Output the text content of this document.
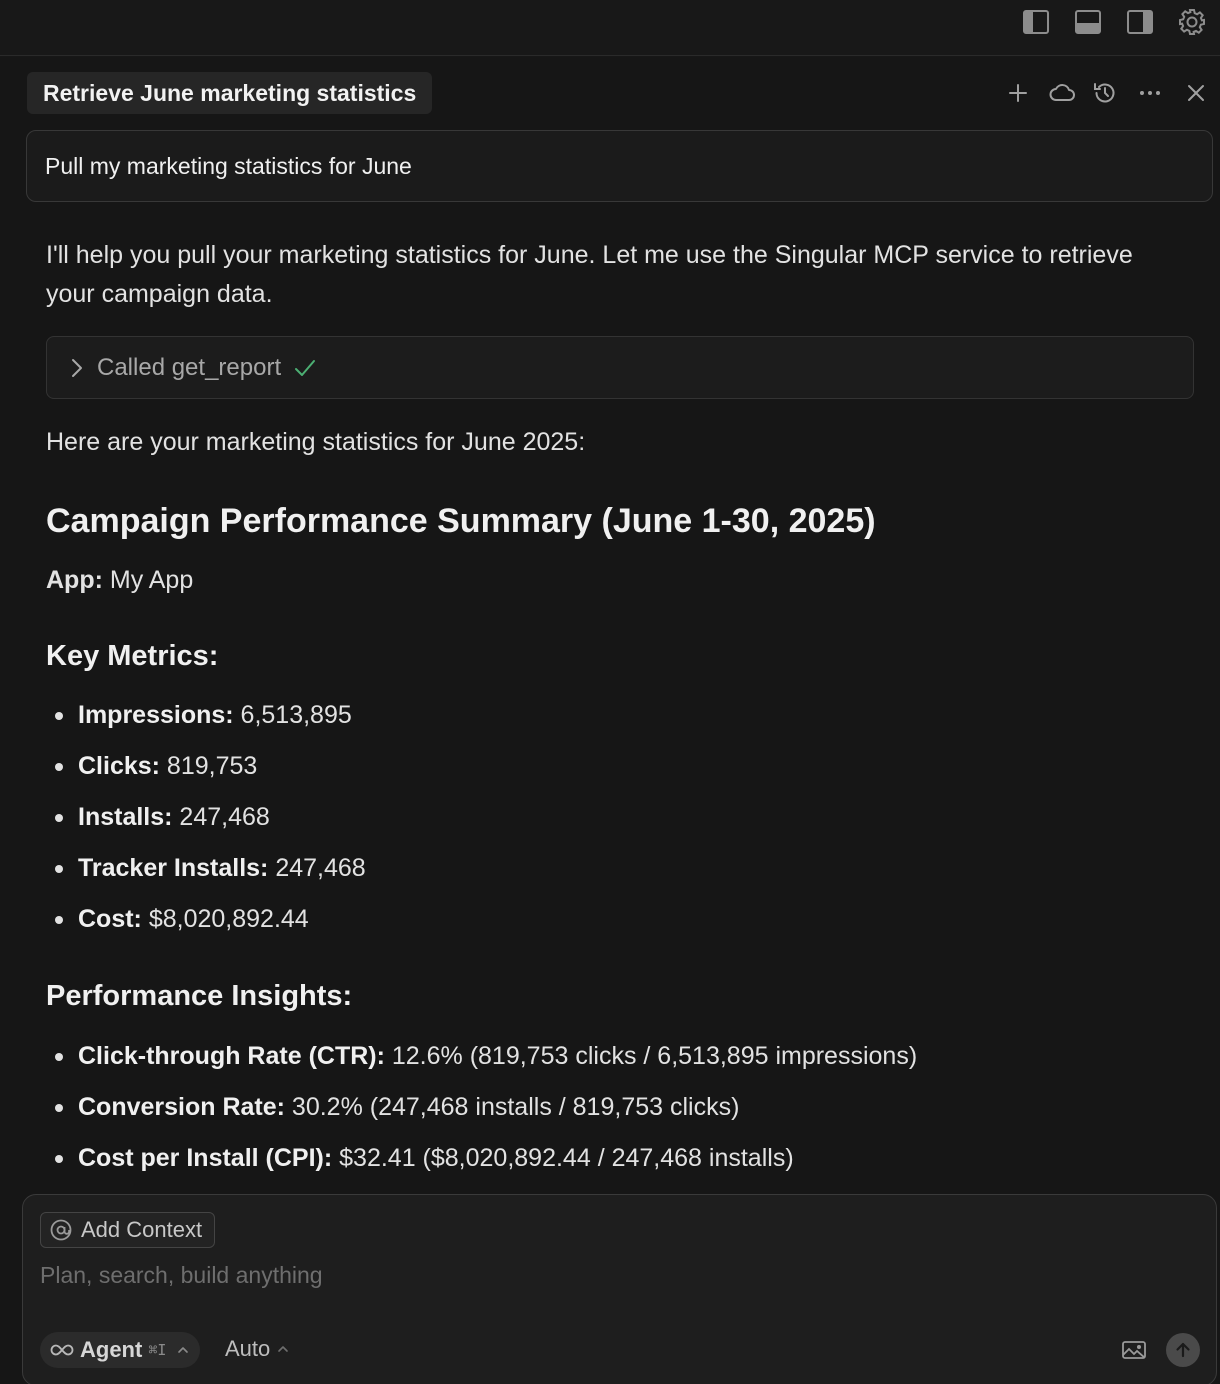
Retrieve June marketing statistics
Pull my marketing statistics for June
I'll help you pull your marketing statistics for June. Let me use the Singular MCP service to retrieve your campaign data.
Called get_report
Here are your marketing statistics for June 2025:
Campaign Performance Summary (June 1-30, 2025)
App: My App
Key Metrics:
Impressions: 6,513,895
Clicks: 819,753
Installs: 247,468
Tracker Installs: 247,468
Cost: $8,020,892.44
Performance Insights:
Click-through Rate (CTR): 12.6% (819,753 clicks / 6,513,895 impressions)
Conversion Rate: 30.2% (247,468 installs / 819,753 clicks)
Cost per Install (CPI): $32.41 ($8,020,892.44 / 247,468 installs)
Add Context
Plan, search, build anything
Agent ⌘I	Auto
